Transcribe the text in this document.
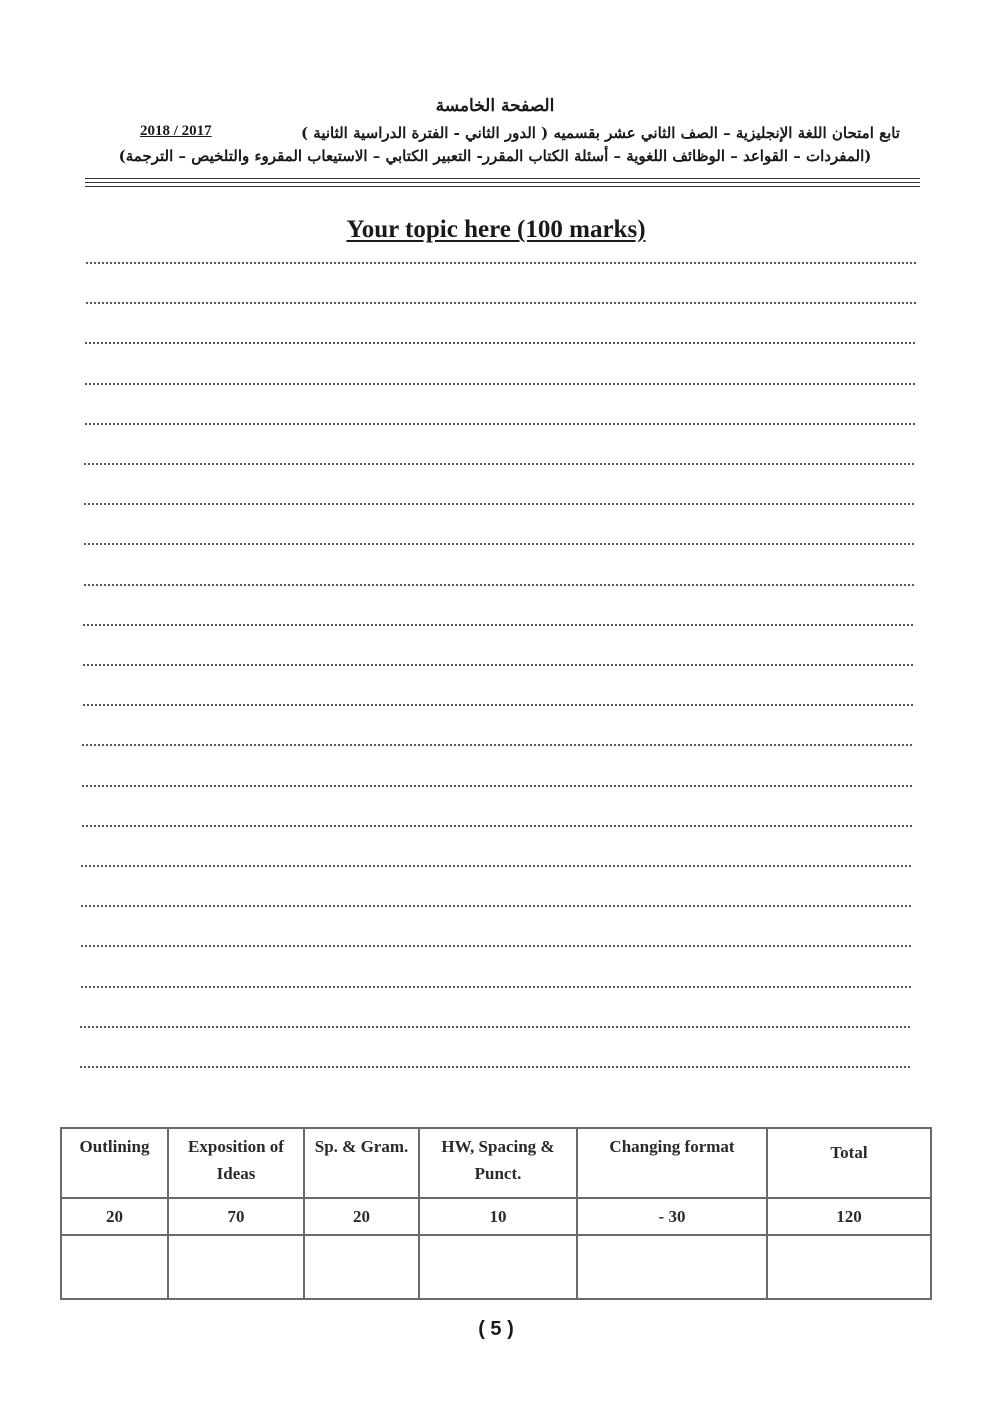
الصفحة الخامسة
تابع امتحان اللغة الإنجليزية – الصف الثاني عشر بقسميه ( الدور الثاني - الفترة الدراسية الثانية )
2018 / 2017
(المفردات – القواعد – الوظائف اللغوية – أسئلة الكتاب المقرر- التعبير الكتابي – الاستيعاب المقروء والتلخيص – الترجمة)
Your topic here (100 marks)
Outlining	Exposition of Ideas	Sp. & Gram.	HW, Spacing & Punct.	Changing format	Total
20	70	20	10	- 30	120

( 5 )
